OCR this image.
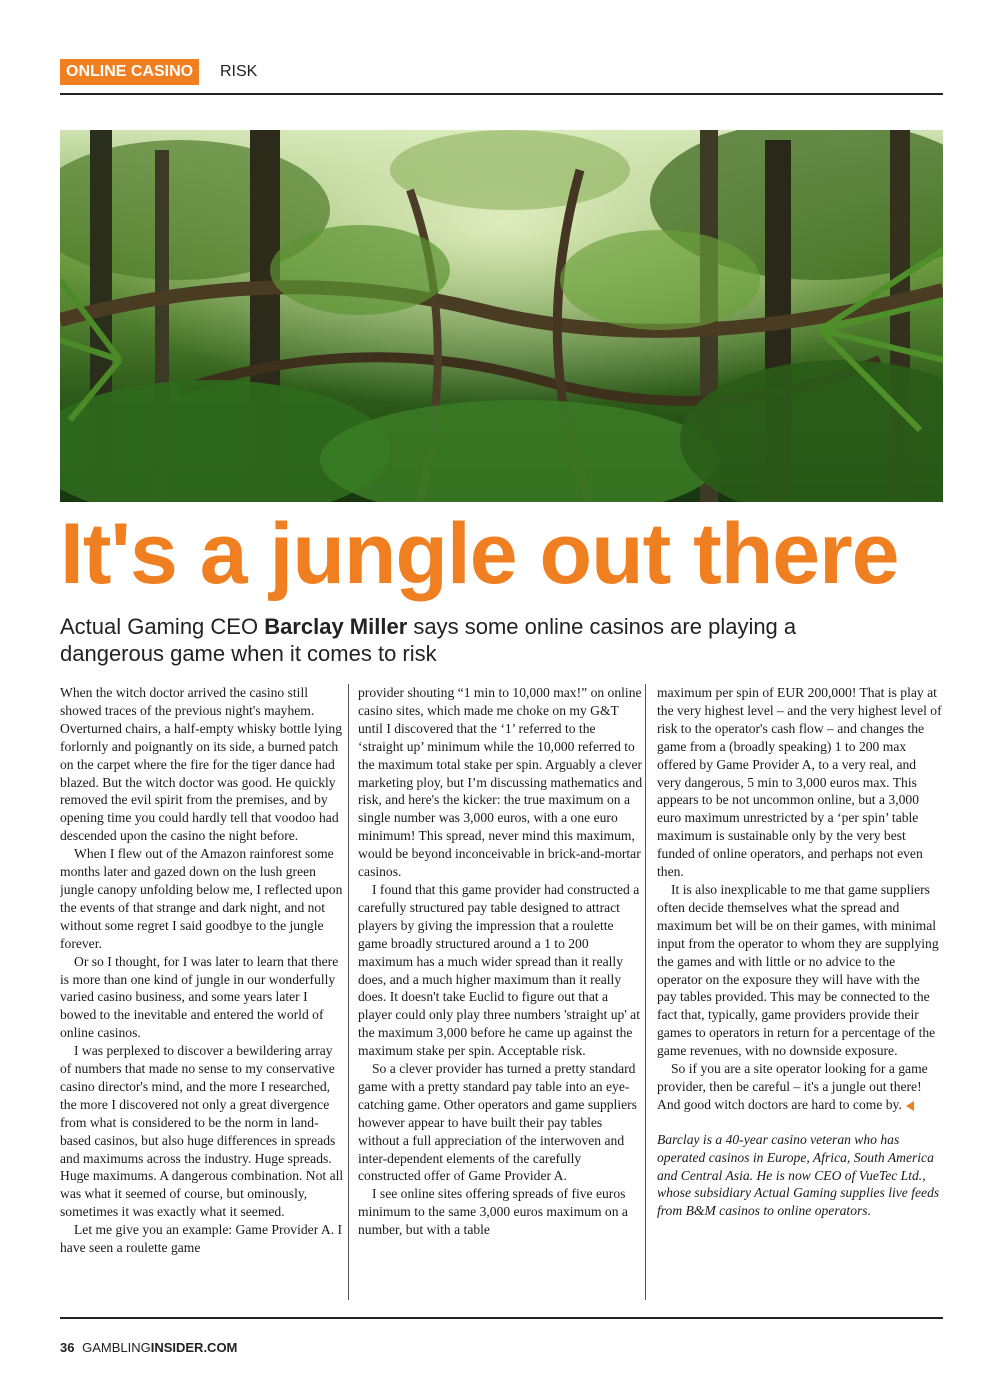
ONLINE CASINO	RISK
It's a jungle out there

Actual Gaming CEO Barclay Miller says some online casinos are playing a dangerous game when it comes to risk

When the witch doctor arrived the casino still showed traces of the previous night's mayhem. Overturned chairs, a half-empty whisky bottle lying forlornly and poignantly on its side, a burned patch on the carpet where the fire for the tiger dance had blazed. But the witch doctor was good. He quickly removed the evil spirit from the premises, and by opening time you could hardly tell that voodoo had descended upon the casino the night before.

When I flew out of the Amazon rainforest some months later and gazed down on the lush green jungle canopy unfolding below me, I reflected upon the events of that strange and dark night, and not without some regret I said goodbye to the jungle forever.

Or so I thought, for I was later to learn that there is more than one kind of jungle in our wonderfully varied casino business, and some years later I bowed to the inevitable and entered the world of online casinos.

I was perplexed to discover a bewildering array of numbers that made no sense to my conservative casino director's mind, and the more I researched, the more I discovered not only a great divergence from what is considered to be the norm in land-based casinos, but also huge differences in spreads and maximums across the industry. Huge spreads. Huge maximums. A dangerous combination. Not all was what it seemed of course, but ominously, sometimes it was exactly what it seemed.

Let me give you an example: Game Provider A. I have seen a roulette game

provider shouting “1 min to 10,000 max!” on online casino sites, which made me choke on my G&T until I discovered that the ‘1’ referred to the ‘straight up’ minimum while the 10,000 referred to the maximum total stake per spin. Arguably a clever marketing ploy, but I’m discussing mathematics and risk, and here's the kicker: the true maximum on a single number was 3,000 euros, with a one euro minimum! This spread, never mind this maximum, would be beyond inconceivable in brick-and-mortar casinos.

I found that this game provider had constructed a carefully structured pay table designed to attract players by giving the impression that a roulette game broadly structured around a 1 to 200 maximum has a much wider spread than it really does, and a much higher maximum than it really does. It doesn't take Euclid to figure out that a player could only play three numbers 'straight up' at the maximum 3,000 before he came up against the maximum stake per spin. Acceptable risk.

So a clever provider has turned a pretty standard game with a pretty standard pay table into an eye-catching game. Other operators and game suppliers however appear to have built their pay tables without a full appreciation of the interwoven and inter-dependent elements of the carefully constructed offer of Game Provider A.

I see online sites offering spreads of five euros minimum to the same 3,000 euros maximum on a number, but with a table

maximum per spin of EUR 200,000! That is play at the very highest level – and the very highest level of risk to the operator's cash flow – and changes the game from a (broadly speaking) 1 to 200 max offered by Game Provider A, to a very real, and very dangerous, 5 min to 3,000 euros max. This appears to be not uncommon online, but a 3,000 euro maximum unrestricted by a ‘per spin’ table maximum is sustainable only by the very best funded of online operators, and perhaps not even then.

It is also inexplicable to me that game suppliers often decide themselves what the spread and maximum bet will be on their games, with minimal input from the operator to whom they are supplying the games and with little or no advice to the operator on the exposure they will have with the pay tables provided. This may be connected to the fact that, typically, game providers provide their games to operators in return for a percentage of the game revenues, with no downside exposure.

So if you are a site operator looking for a game provider, then be careful – it's a jungle out there! And good witch doctors are hard to come by.

Barclay is a 40-year casino veteran who has operated casinos in Europe, Africa, South America and Central Asia. He is now CEO of VueTec Ltd., whose subsidiary Actual Gaming supplies live feeds from B&M casinos to online operators.

36 GAMBLINGINSIDER.COM
